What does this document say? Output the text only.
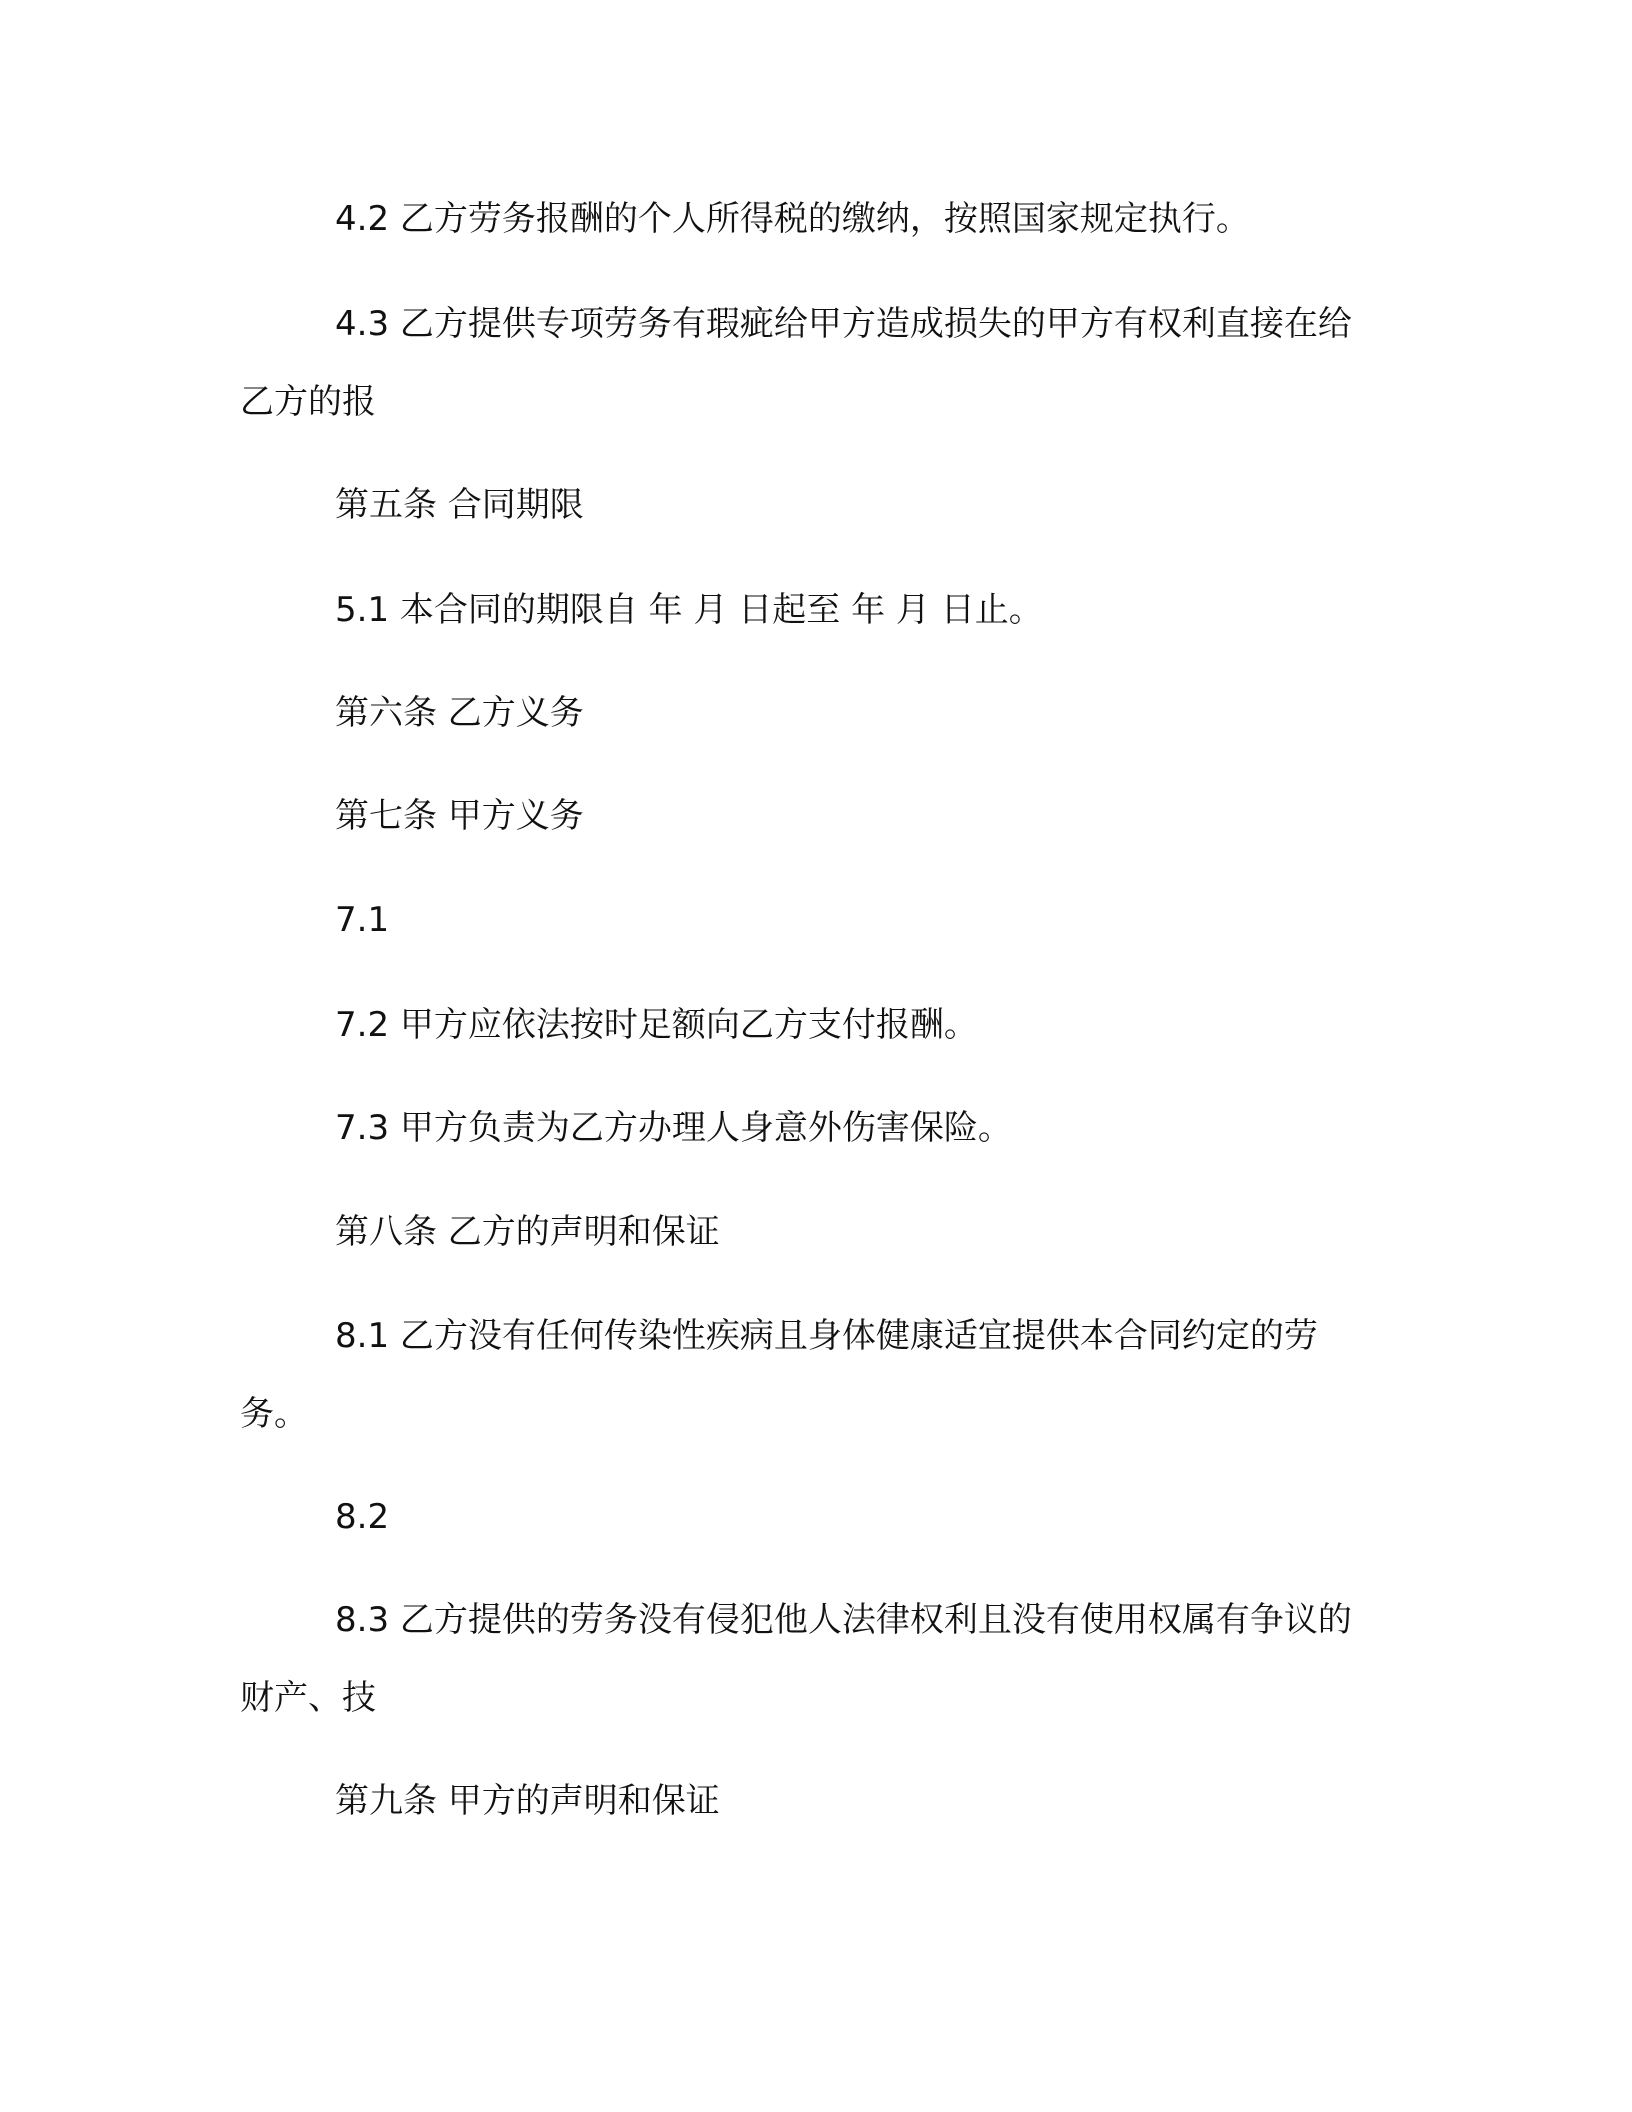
4.2 乙方劳务报酬的个人所得税的缴纳，按照国家规定执行。

4.3 乙方提供专项劳务有瑕疵给甲方造成损失的甲方有权利直接在给乙方的报

第五条 合同期限

5.1 本合同的期限自 年 月 日起至 年 月 日止。

第六条 乙方义务

第七条 甲方义务

7.1

7.2 甲方应依法按时足额向乙方支付报酬。

7.3 甲方负责为乙方办理人身意外伤害保险。

第八条 乙方的声明和保证

8.1 乙方没有任何传染性疾病且身体健康适宜提供本合同约定的劳务。

8.2

8.3 乙方提供的劳务没有侵犯他人法律权利且没有使用权属有争议的财产、技

第九条 甲方的声明和保证
